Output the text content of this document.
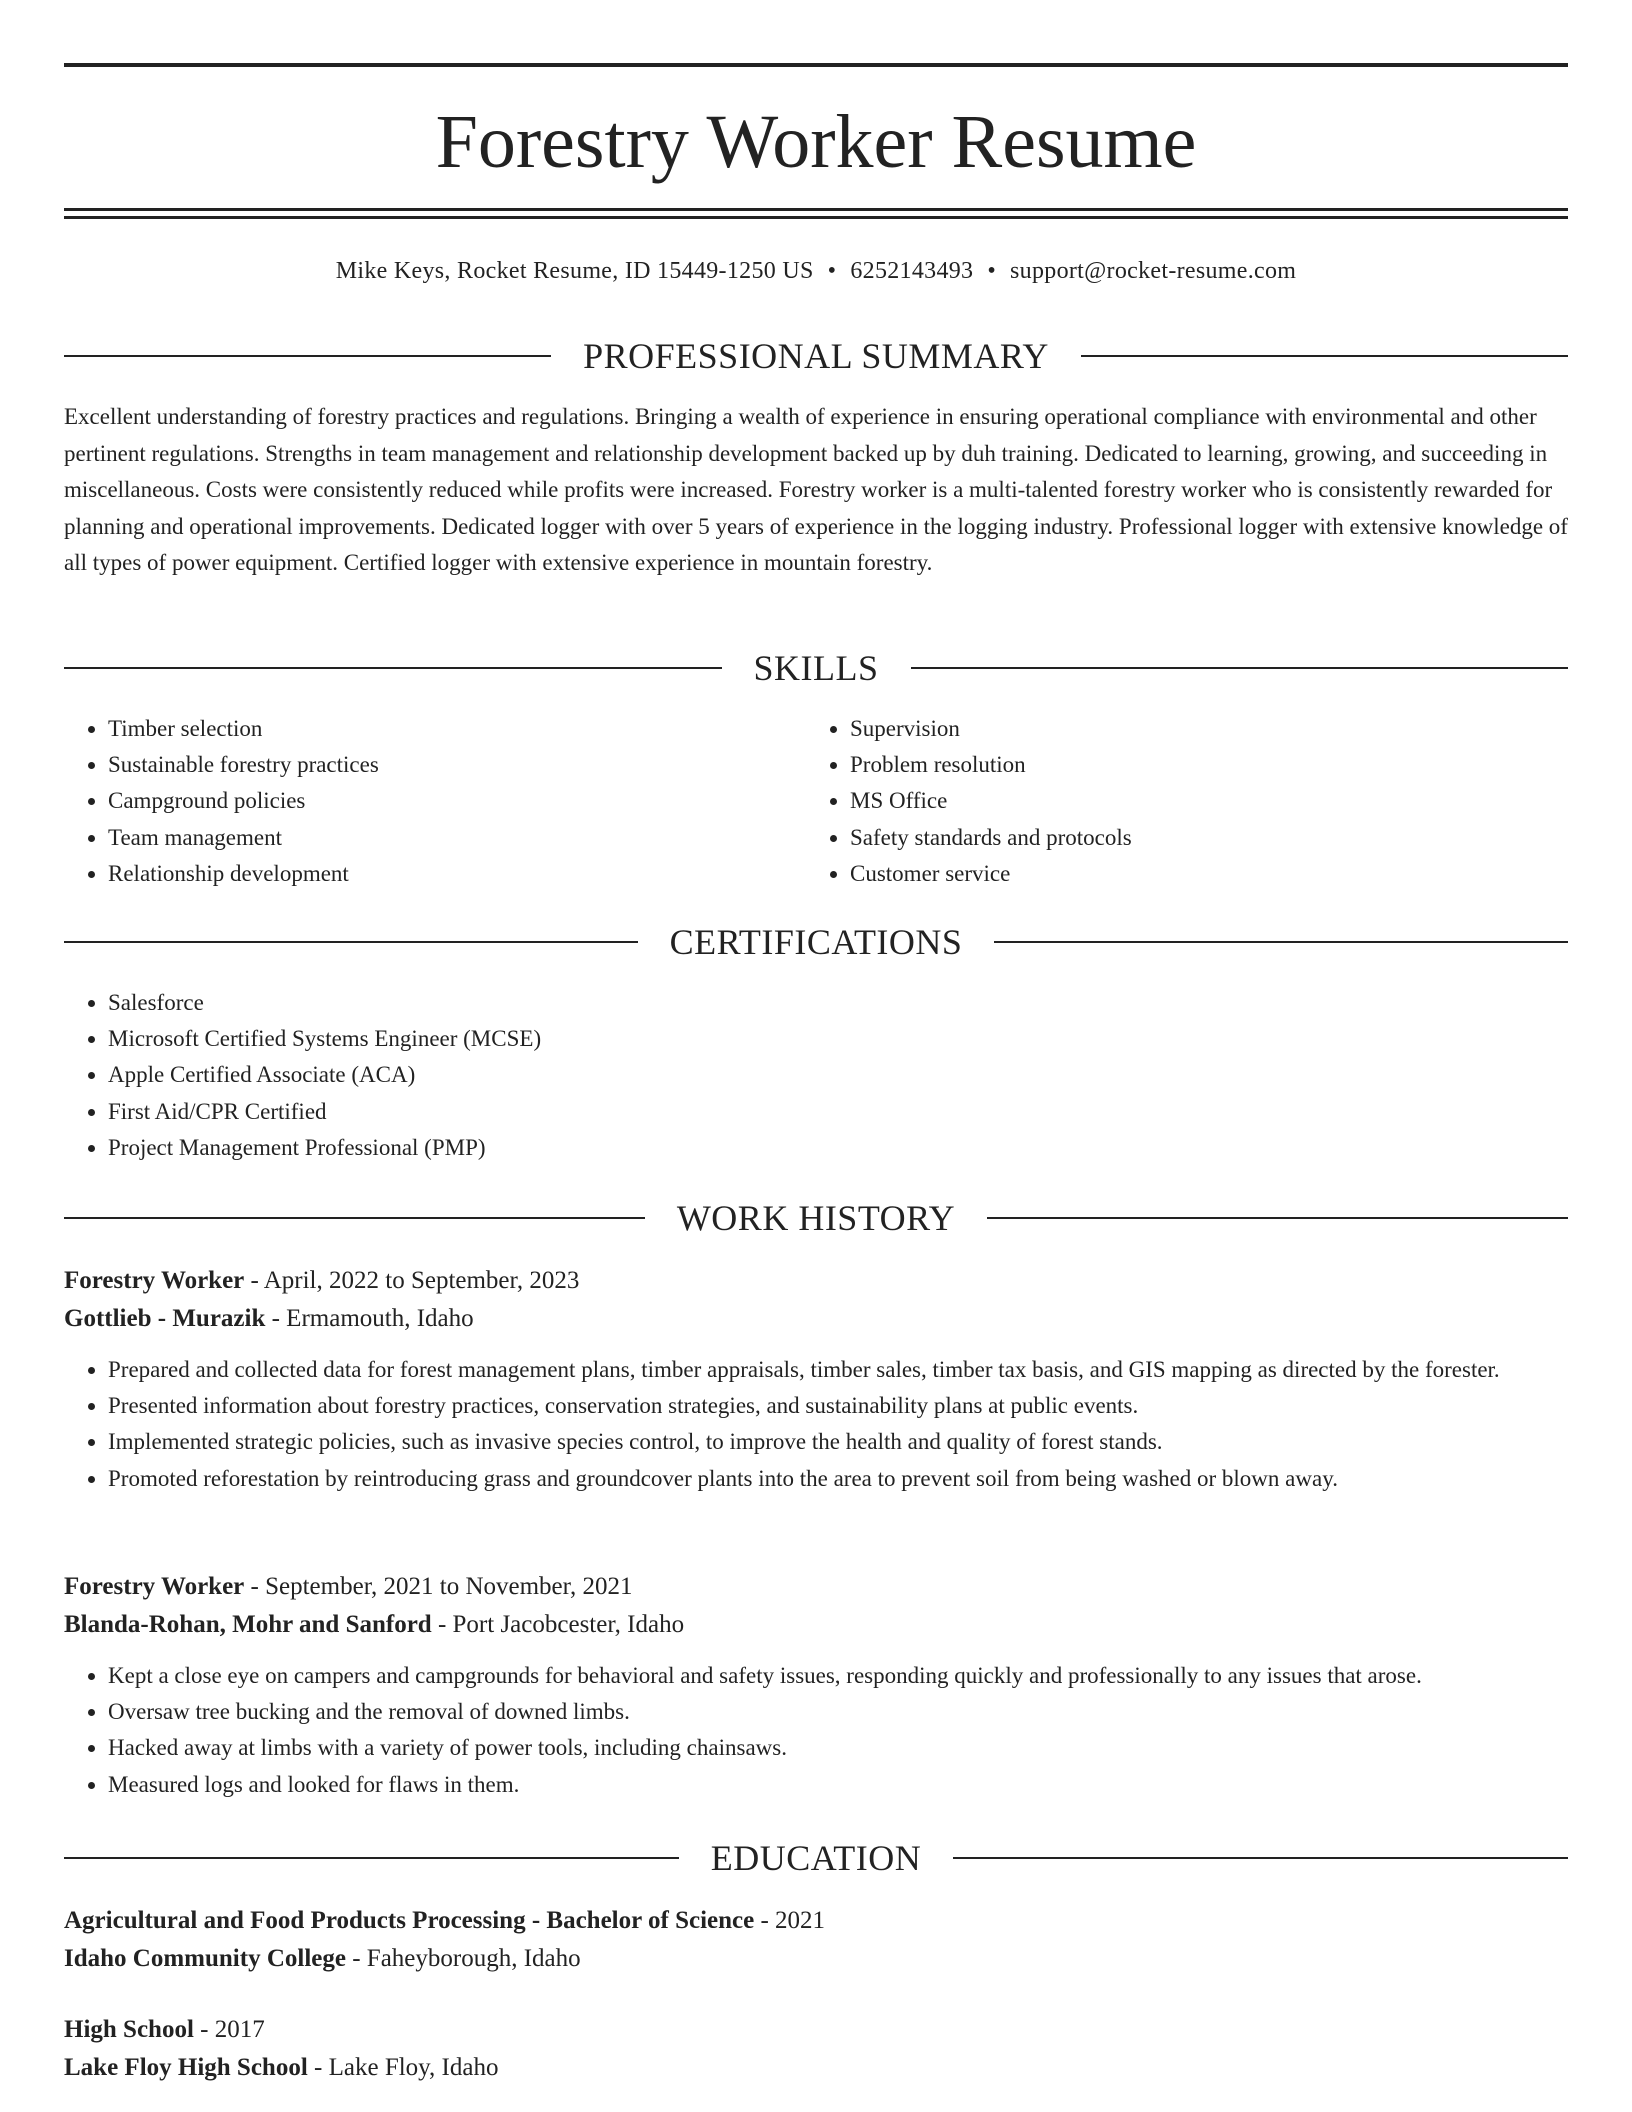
Forestry Worker Resume
Mike Keys, Rocket Resume, ID 15449-1250 US • 6252143493 • support@rocket-resume.com
PROFESSIONAL SUMMARY

Excellent understanding of forestry practices and regulations. Bringing a wealth of experience in ensuring operational compliance with environmental and other pertinent regulations. Strengths in team management and relationship development backed up by duh training. Dedicated to learning, growing, and succeeding in miscellaneous. Costs were consistently reduced while profits were increased. Forestry worker is a multi-talented forestry worker who is consistently rewarded for planning and operational improvements. Dedicated logger with over 5 years of experience in the logging industry. Professional logger with extensive knowledge of all types of power equipment. Certified logger with extensive experience in mountain forestry.

SKILLS
• Timber selection
• Sustainable forestry practices
• Campground policies
• Team management
• Relationship development
• Supervision
• Problem resolution
• MS Office
• Safety standards and protocols
• Customer service
CERTIFICATIONS
• Salesforce
• Microsoft Certified Systems Engineer (MCSE)
• Apple Certified Associate (ACA)
• First Aid/CPR Certified
• Project Management Professional (PMP)
WORK HISTORY
Forestry Worker - April, 2022 to September, 2023
Gottlieb - Murazik - Ermamouth, Idaho
• Prepared and collected data for forest management plans, timber appraisals, timber sales, timber tax basis, and GIS mapping as directed by the forester.
• Presented information about forestry practices, conservation strategies, and sustainability plans at public events.
• Implemented strategic policies, such as invasive species control, to improve the health and quality of forest stands.
• Promoted reforestation by reintroducing grass and groundcover plants into the area to prevent soil from being washed or blown away.
Forestry Worker - September, 2021 to November, 2021
Blanda-Rohan, Mohr and Sanford - Port Jacobcester, Idaho
• Kept a close eye on campers and campgrounds for behavioral and safety issues, responding quickly and professionally to any issues that arose.
• Oversaw tree bucking and the removal of downed limbs.
• Hacked away at limbs with a variety of power tools, including chainsaws.
• Measured logs and looked for flaws in them.
EDUCATION
Agricultural and Food Products Processing - Bachelor of Science - 2021
Idaho Community College - Faheyborough, Idaho
High School - 2017
Lake Floy High School - Lake Floy, Idaho
